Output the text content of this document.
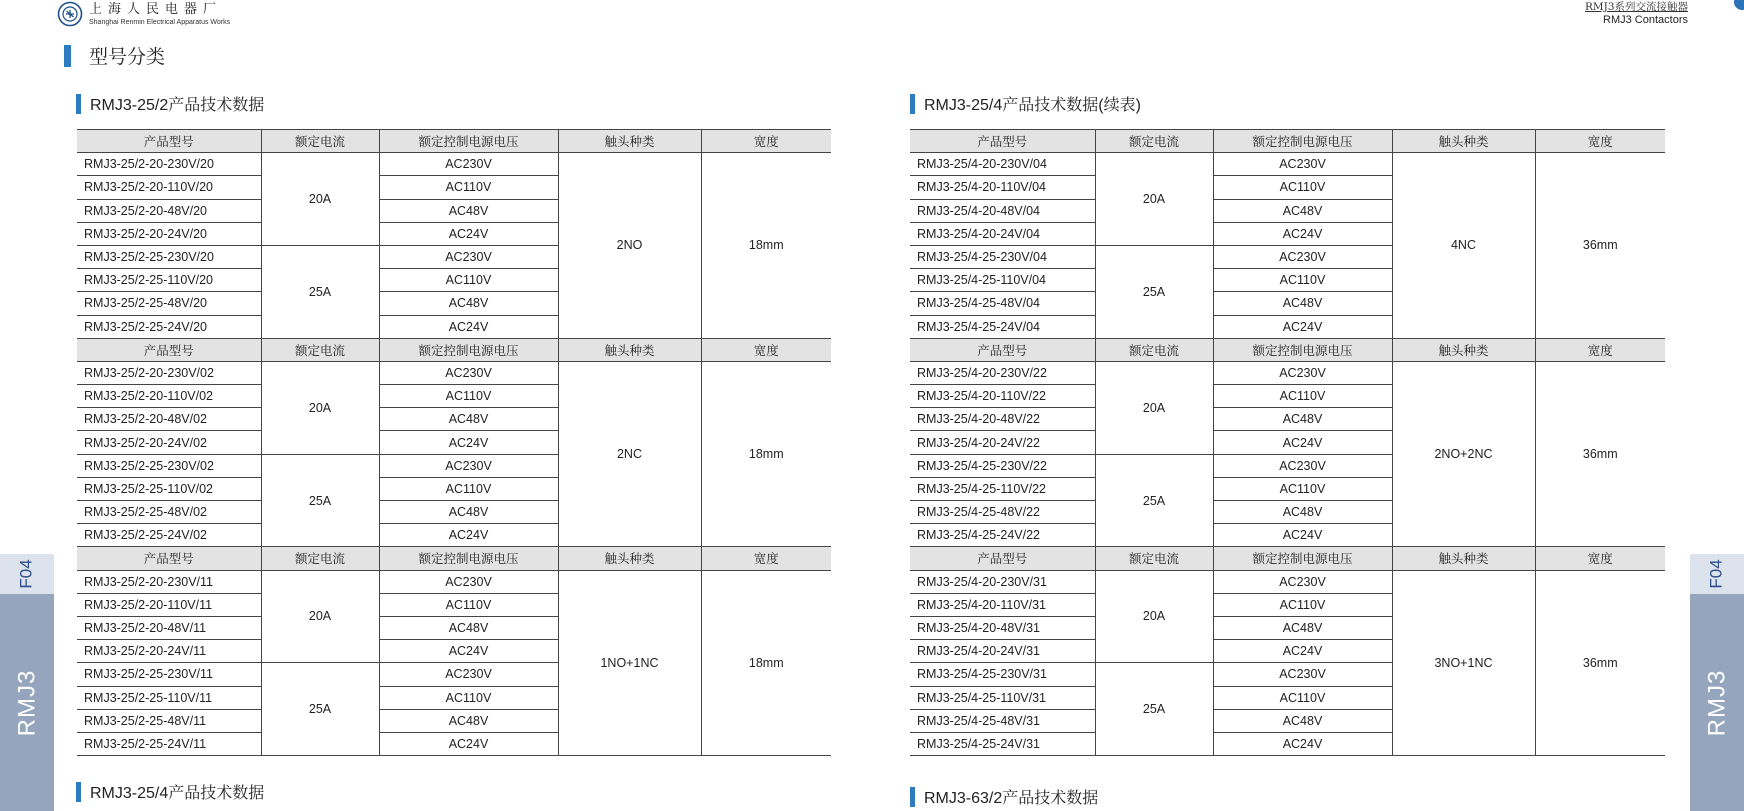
上海人民电器厂
Shanghai Renmin Electrical Apparatus Works
RMJ3系列交流接触器
RMJ3 Contactors
型号分类
RMJ3-25/2产品技术数据	RMJ3-25/4产品技术数据(续表)
产品型号	额定电流	额定控制电源电压	触头种类	宽度
RMJ3-25/2-20-230V/20	20A	AC230V	2NO	18mm
RMJ3-25/2-20-110V/20		AC110V		
RMJ3-25/2-20-48V/20		AC48V		
RMJ3-25/2-20-24V/20		AC24V		
RMJ3-25/2-25-230V/20	25A	AC230V		
RMJ3-25/2-25-110V/20		AC110V		
RMJ3-25/2-25-48V/20		AC48V		
RMJ3-25/2-25-24V/20		AC24V		
产品型号	额定电流	额定控制电源电压	触头种类	宽度
RMJ3-25/2-20-230V/02	20A	AC230V	2NC	18mm
RMJ3-25/2-20-110V/02		AC110V		
RMJ3-25/2-20-48V/02		AC48V		
RMJ3-25/2-20-24V/02		AC24V		
RMJ3-25/2-25-230V/02	25A	AC230V		
RMJ3-25/2-25-110V/02		AC110V		
RMJ3-25/2-25-48V/02		AC48V		
RMJ3-25/2-25-24V/02		AC24V		
产品型号	额定电流	额定控制电源电压	触头种类	宽度
RMJ3-25/2-20-230V/11	20A	AC230V	1NO+1NC	18mm
RMJ3-25/2-20-110V/11		AC110V		
RMJ3-25/2-20-48V/11		AC48V		
RMJ3-25/2-20-24V/11		AC24V		
RMJ3-25/2-25-230V/11	25A	AC230V		
RMJ3-25/2-25-110V/11		AC110V		
RMJ3-25/2-25-48V/11		AC48V		
RMJ3-25/2-25-24V/11		AC24V		
产品型号	额定电流	额定控制电源电压	触头种类	宽度
RMJ3-25/4-20-230V/04	20A	AC230V	4NC	36mm
RMJ3-25/4-20-110V/04		AC110V		
RMJ3-25/4-20-48V/04		AC48V		
RMJ3-25/4-20-24V/04		AC24V		
RMJ3-25/4-25-230V/04	25A	AC230V		
RMJ3-25/4-25-110V/04		AC110V		
RMJ3-25/4-25-48V/04		AC48V		
RMJ3-25/4-25-24V/04		AC24V		
产品型号	额定电流	额定控制电源电压	触头种类	宽度
RMJ3-25/4-20-230V/22	20A	AC230V	2NO+2NC	36mm
RMJ3-25/4-20-110V/22		AC110V		
RMJ3-25/4-20-48V/22		AC48V		
RMJ3-25/4-20-24V/22		AC24V		
RMJ3-25/4-25-230V/22	25A	AC230V		
RMJ3-25/4-25-110V/22		AC110V		
RMJ3-25/4-25-48V/22		AC48V		
RMJ3-25/4-25-24V/22		AC24V		
产品型号	额定电流	额定控制电源电压	触头种类	宽度
RMJ3-25/4-20-230V/31	20A	AC230V	3NO+1NC	36mm
RMJ3-25/4-20-110V/31		AC110V		
RMJ3-25/4-20-48V/31		AC48V		
RMJ3-25/4-20-24V/31		AC24V		
RMJ3-25/4-25-230V/31	25A	AC230V		
RMJ3-25/4-25-110V/31		AC110V		
RMJ3-25/4-25-48V/31		AC48V		
RMJ3-25/4-25-24V/31		AC24V		
RMJ3-25/4产品技术数据	RMJ3-63/2产品技术数据
F04
RMJ3
F04
RMJ3
